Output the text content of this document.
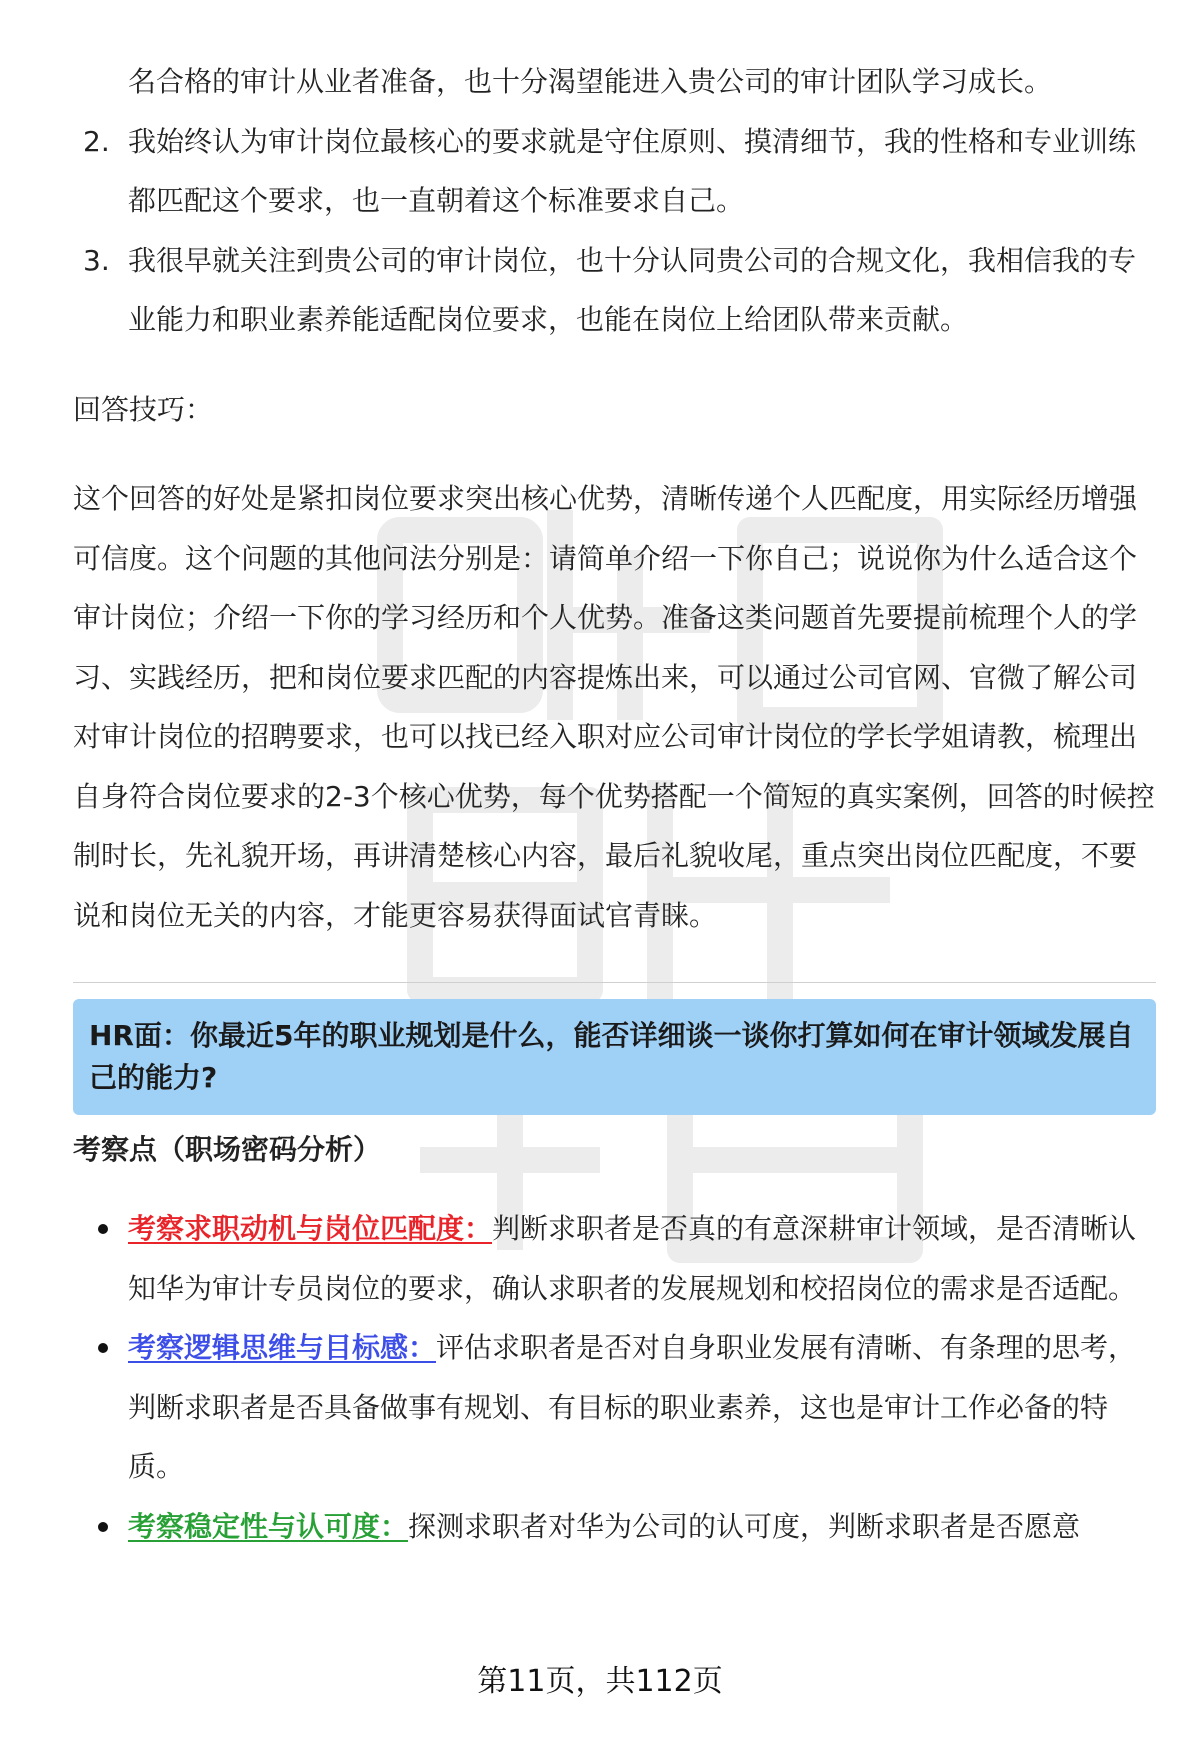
名合格的审计从业者准备，也十分渴望能进入贵公司的审计团队学习成长。

2. 我始终认为审计岗位最核心的要求就是守住原则、摸清细节，我的性格和专业训练都匹配这个要求，也一直朝着这个标准要求自己。
3. 我很早就关注到贵公司的审计岗位，也十分认同贵公司的合规文化，我相信我的专业能力和职业素养能适配岗位要求，也能在岗位上给团队带来贡献。

回答技巧：

这个回答的好处是紧扣岗位要求突出核心优势，清晰传递个人匹配度，用实际经历增强可信度。这个问题的其他问法分别是：请简单介绍一下你自己；说说你为什么适合这个审计岗位；介绍一下你的学习经历和个人优势。准备这类问题首先要提前梳理个人的学习、实践经历，把和岗位要求匹配的内容提炼出来，可以通过公司官网、官微了解公司对审计岗位的招聘要求，也可以找已经入职对应公司审计岗位的学长学姐请教，梳理出自身符合岗位要求的2-3个核心优势，每个优势搭配一个简短的真实案例，回答的时候控制时长，先礼貌开场，再讲清楚核心内容，最后礼貌收尾，重点突出岗位匹配度，不要说和岗位无关的内容，才能更容易获得面试官青睐。

HR面：你最近5年的职业规划是什么，能否详细谈一谈你打算如何在审计领域发展自己的能力?
考察点（职场密码分析）
考察求职动机与岗位匹配度：判断求职者是否真的有意深耕审计领域，是否清晰认知华为审计专员岗位的要求，确认求职者的发展规划和校招岗位的需求是否适配。
考察逻辑思维与目标感：评估求职者是否对自身职业发展有清晰、有条理的思考，判断求职者是否具备做事有规划、有目标的职业素养，这也是审计工作必备的特质。
考察稳定性与认可度：探测求职者对华为公司的认可度，判断求职者是否愿意
第11页，共112页
